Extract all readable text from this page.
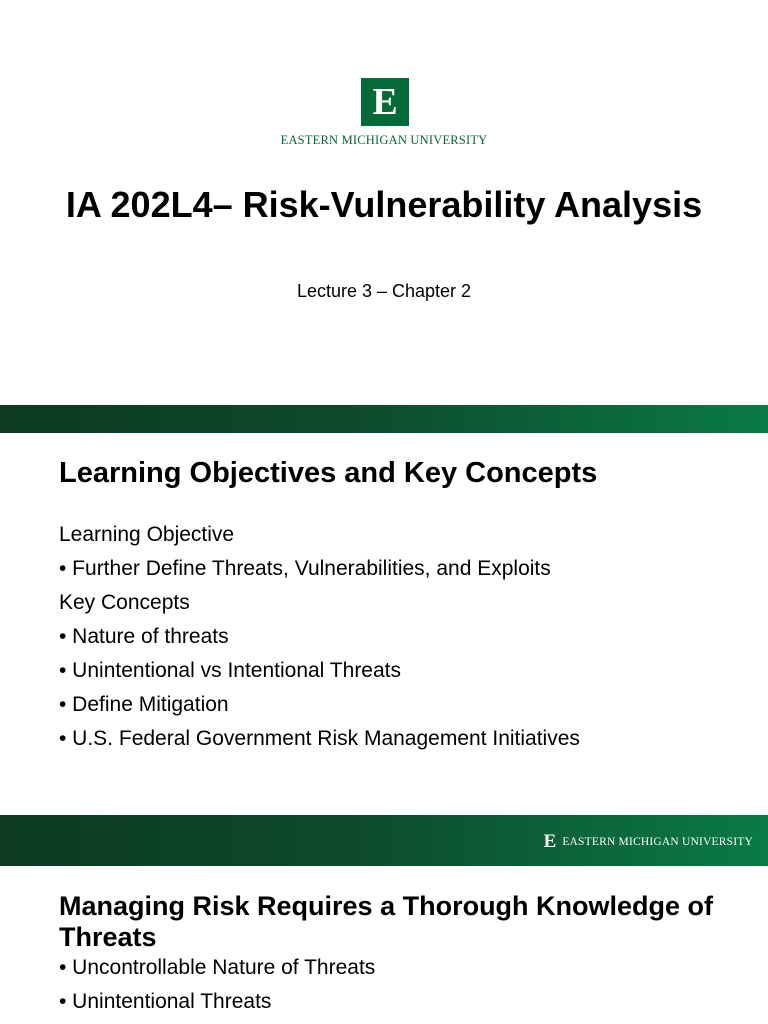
E
EASTERN MICHIGAN UNIVERSITY
IA 202L4– Risk-Vulnerability Analysis
Lecture 3 – Chapter 2
Learning Objectives and Key Concepts
Learning Objective
• Further Define Threats, Vulnerabilities, and Exploits
Key Concepts
• Nature of threats
• Unintentional vs Intentional Threats
• Define Mitigation
• U.S. Federal Government Risk Management Initiatives
E EASTERN MICHIGAN UNIVERSITY
Managing Risk Requires a Thorough Knowledge of Threats
• Uncontrollable Nature of Threats
• Unintentional Threats
